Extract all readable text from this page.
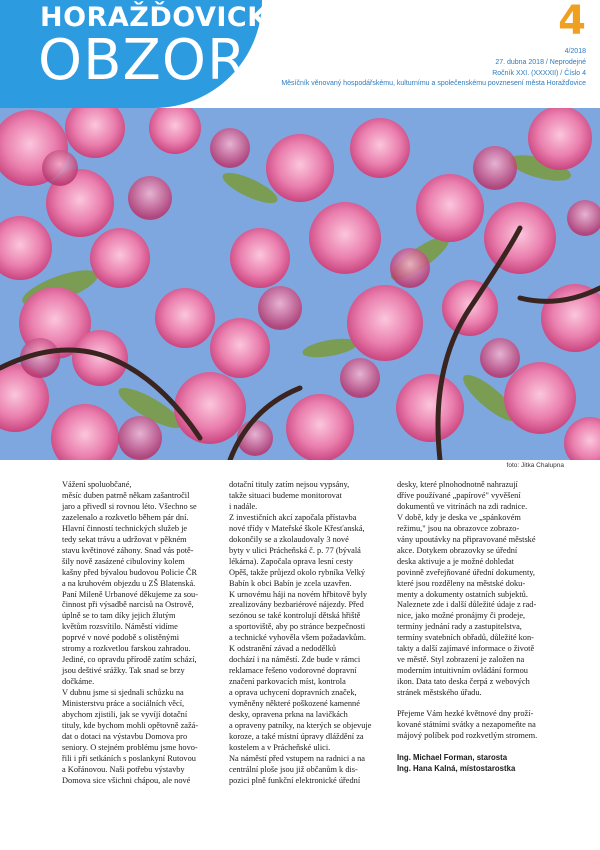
HORAŽĎOVICKÝ
OBZOR
4
4/2018
27. dubna 2018 / Neprodejné
Ročník XXI. (XXXXII) / Číslo 4
Měsíčník věnovaný hospodářskému, kulturnímu a společenskému povznesení města Horažďovice
foto: Jitka Chalupna

Vážení spoluobčané,
měsíc duben patrně někam zašantročil
jaro a přivedl si rovnou léto. Všechno se
zazelenalo a rozkvetlo během pár dní.
Hlavní činností technických služeb je
tedy sekat trávu a udržovat v pěkném
stavu květinové záhony. Snad vás potě-
šily nově zasázené cibuloviny kolem
kašny před bývalou budovou Policie ČR
a na kruhovém objezdu u ZŠ Blatenská.
Paní Mileně Urbanové děkujeme za sou-
činnost při výsadbě narcisů na Ostrově,
úplně se to tam díky jejich žlutým
květům rozsvítilo. Náměstí vidíme
poprvé v nové podobě s olistěnými
stromy a rozkvetlou farskou zahradou.
Jediné, co opravdu přírodě zatím schází,
jsou deštivé srážky. Tak snad se brzy
dočkáme.

V dubnu jsme si sjednali schůzku na
Ministerstvu práce a sociálních věcí,
abychom zjistili, jak se vyvíjí dotační
tituly, kde bychom mohli opětovně zažá-
dat o dotaci na výstavbu Domova pro
seniory. O stejném problému jsme hovo-
řili i při setkáních s poslankyní Rutovou
a Kořánovou. Naši potřebu výstavby
Domova sice všichni chápou, ale nové

dotační tituly zatím nejsou vypsány,
takže situaci budeme monitorovat
i nadále.

Z investičních akcí započala přístavba
nové třídy v Mateřské škole Křesťanská,
dokončily se a zkolaudovaly 3 nové
byty v ulici Prácheňská č. p. 77 (bývalá
lékárna). Započala oprava lesní cesty
Opěš, takže průjezd okolo rybníka Velký
Babín k obci Babín je zcela uzavřen.
K urnovému háji na novém hřbitově byly
zrealizovány bezbariérové nájezdy. Před
sezónou se také kontrolují dětská hřiště
a sportoviště, aby po stránce bezpečnosti
a technické vyhověla všem požadavkům.
K odstranění závad a nedodělků
dochází i na náměstí. Zde bude v rámci
reklamace řešeno vodorovné dopravní
značení parkovacích míst, kontrola
a oprava uchycení dopravních značek,
vyměněny některé poškozené kamenné
desky, opravena prkna na lavičkách
a opraveny patníky, na kterých se objevuje
koroze, a také místní úpravy dláždění za
kostelem a v Prácheňské ulici.

Na náměstí před vstupem na radnici a na
centrální ploše jsou již občanům k dis-
pozici plně funkční elektronické úřední

desky, které plnohodnotně nahrazují
dříve používané „papírové" vyvěšení
dokumentů ve vitrínách na zdi radnice.
V době, kdy je deska ve „spánkovém
režimu," jsou na obrazovce zobrazo-
vány upoutávky na připravované městské
akce. Dotykem obrazovky se úřední
deska aktivuje a je možné dohledat
povinně zveřejňované úřední dokumenty,
které jsou rozděleny na městské doku-
menty a dokumenty ostatních subjektů.
Naleznete zde i další důležité údaje z rad-
nice, jako možné pronájmy či prodeje,
termíny jednání rady a zastupitelstva,
termíny svatebních obřadů, důležité kon-
takty a další zajímavé informace o životě
ve městě. Styl zobrazení je založen na
moderním intuitivním ovládání formou
ikon. Data tato deska čerpá z webových
stránek městského úřadu.

Přejeme Vám hezké květnové dny proží-
kované státními svátky a nezapomeňte na
májový políbek pod rozkvetlým stromem.

Ing. Michael Forman, starosta
Ing. Hana Kalná, místostarostka
